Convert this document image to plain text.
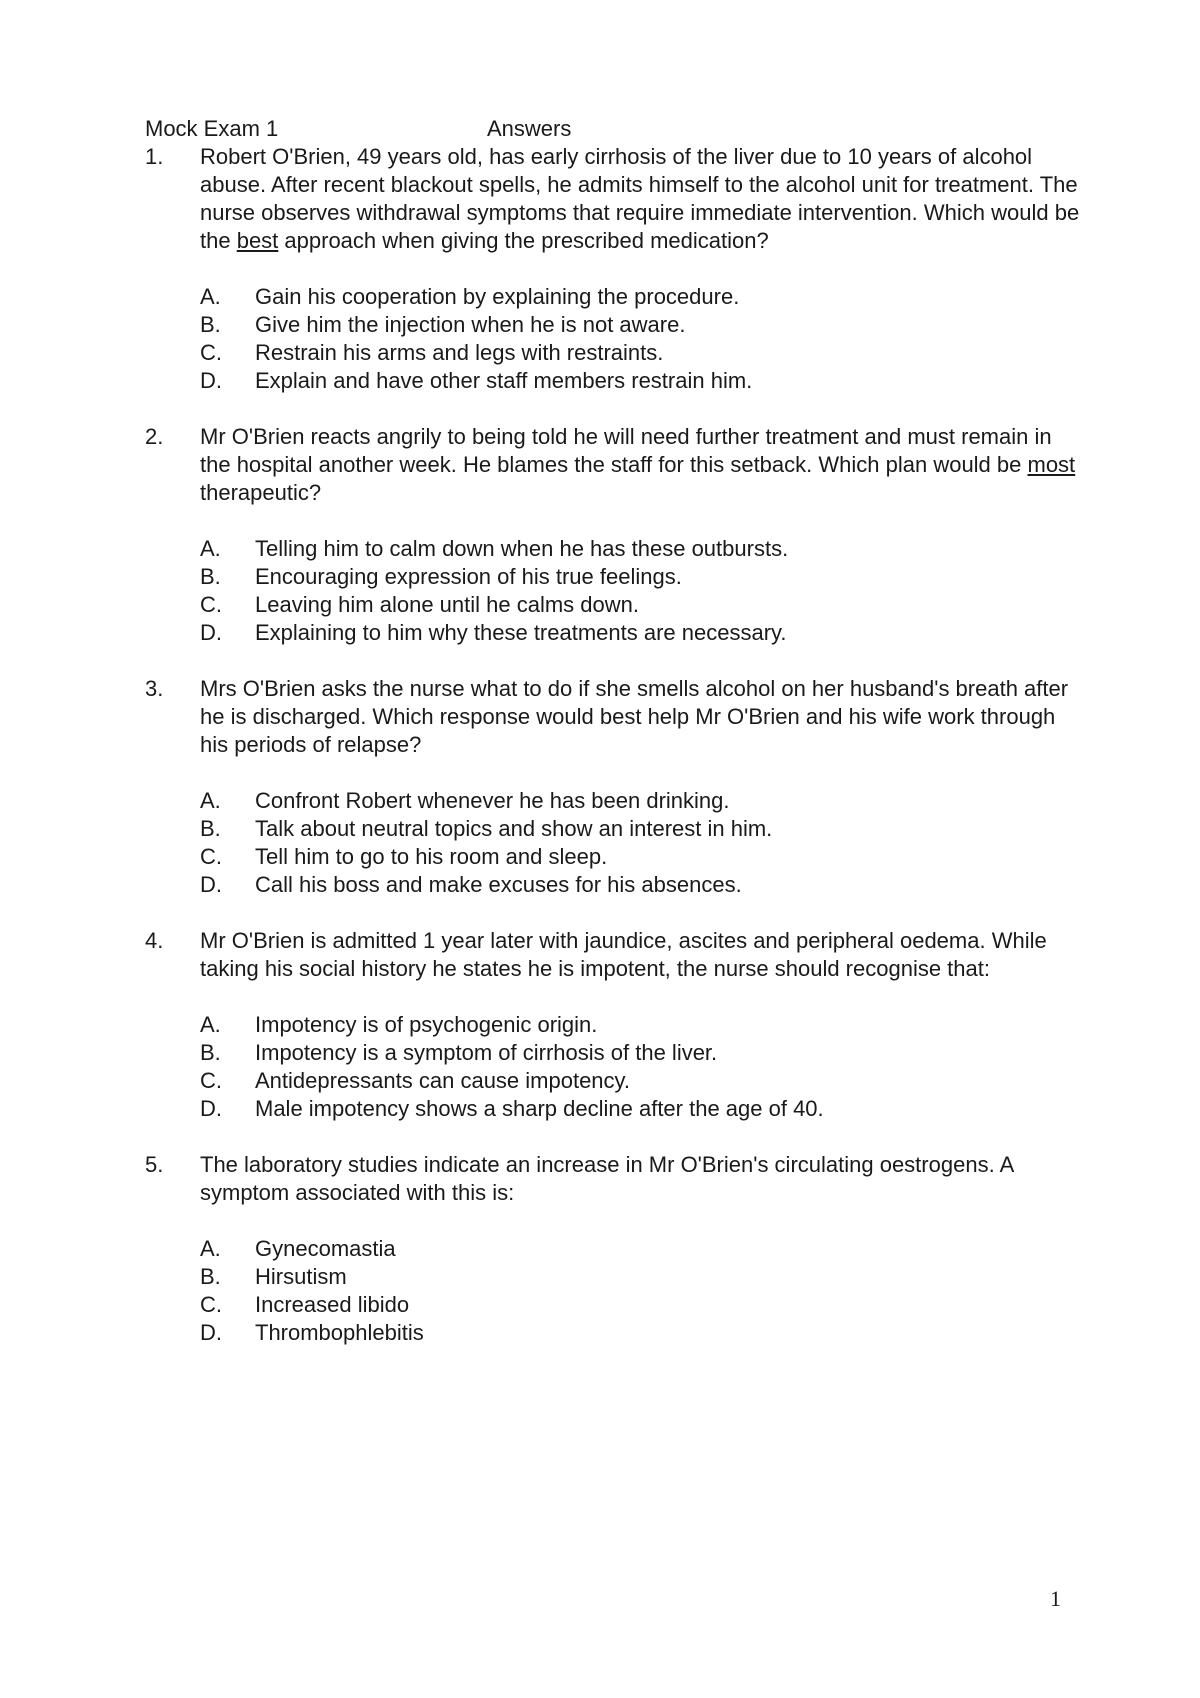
Mock Exam 1	Answers
1.	Robert O'Brien, 49 years old, has early cirrhosis of the liver due to 10 years of alcohol abuse. After recent blackout spells, he admits himself to the alcohol unit for treatment. The nurse observes withdrawal symptoms that require immediate intervention. Which would be the best approach when giving the prescribed medication?
A.	Gain his cooperation by explaining the procedure.
B.	Give him the injection when he is not aware.
C.	Restrain his arms and legs with restraints.
D.	Explain and have other staff members restrain him.
2.	Mr O'Brien reacts angrily to being told he will need further treatment and must remain in the hospital another week. He blames the staff for this setback. Which plan would be most therapeutic?
A.	Telling him to calm down when he has these outbursts.
B.	Encouraging expression of his true feelings.
C.	Leaving him alone until he calms down.
D.	Explaining to him why these treatments are necessary.
3.	Mrs O'Brien asks the nurse what to do if she smells alcohol on her husband's breath after he is discharged. Which response would best help Mr O'Brien and his wife work through his periods of relapse?
A.	Confront Robert whenever he has been drinking.
B.	Talk about neutral topics and show an interest in him.
C.	Tell him to go to his room and sleep.
D.	Call his boss and make excuses for his absences.
4.	Mr O'Brien is admitted 1 year later with jaundice, ascites and peripheral oedema. While taking his social history he states he is impotent, the nurse should recognise that:
A.	Impotency is of psychogenic origin.
B.	Impotency is a symptom of cirrhosis of the liver.
C.	Antidepressants can cause impotency.
D.	Male impotency shows a sharp decline after the age of 40.
5.	The laboratory studies indicate an increase in Mr O'Brien's circulating oestrogens. A symptom associated with this is:
A.	Gynecomastia
B.	Hirsutism
C.	Increased libido
D.	Thrombophlebitis
1
